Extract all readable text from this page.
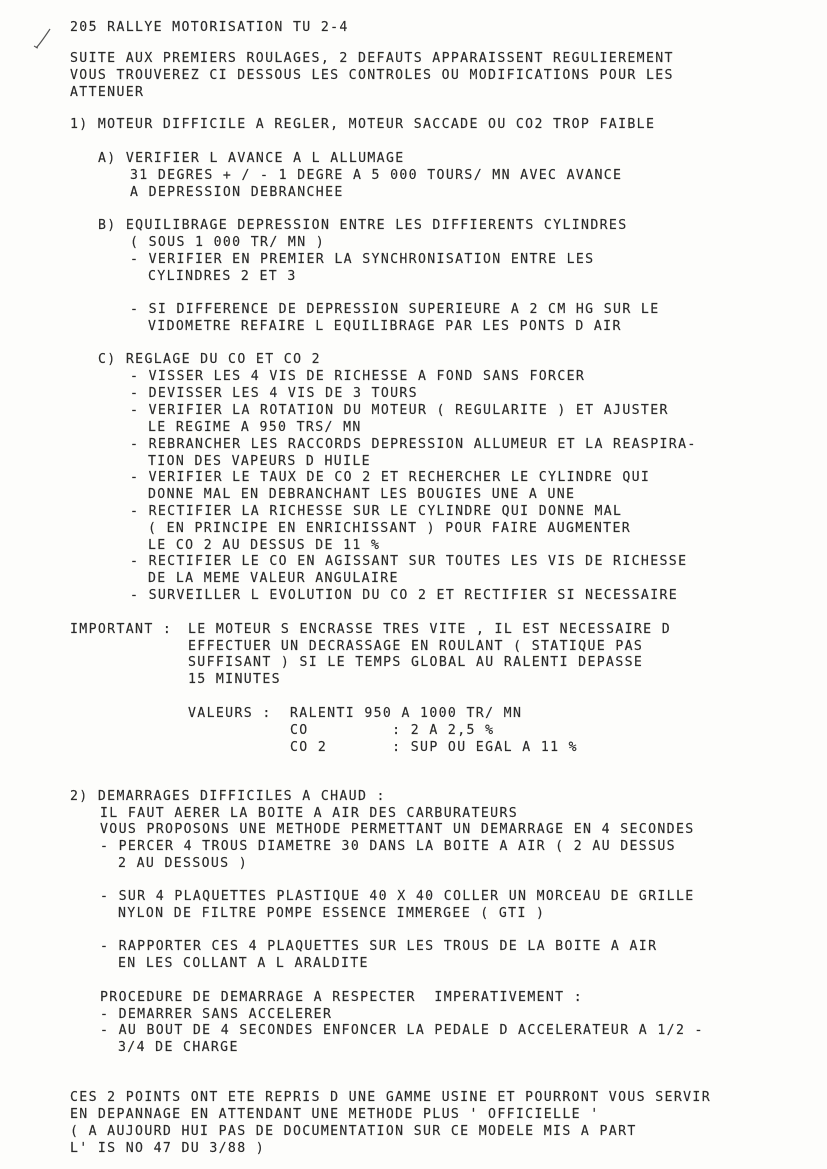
205 RALLYE MOTORISATION TU 2-4
SUITE AUX PREMIERS ROULAGES, 2 DEFAUTS APPARAISSENT REGULIEREMENT
VOUS TROUVEREZ CI DESSOUS LES CONTROLES OU MODIFICATIONS POUR LES
ATTENUER
1) MOTEUR DIFFICILE A REGLER, MOTEUR SACCADE OU CO2 TROP FAIBLE
A) VERIFIER L AVANCE A L ALLUMAGE
31 DEGRES + / - 1 DEGRE A 5 000 TOURS/ MN AVEC AVANCE
A DEPRESSION DEBRANCHEE
B) EQUILIBRAGE DEPRESSION ENTRE LES DIFFIERENTS CYLINDRES
( SOUS 1 000 TR/ MN )
- VERIFIER EN PREMIER LA SYNCHRONISATION ENTRE LES
CYLINDRES 2 ET 3
- SI DIFFERENCE DE DEPRESSION SUPERIEURE A 2 CM HG SUR LE
VIDOMETRE REFAIRE L EQUILIBRAGE PAR LES PONTS D AIR
C) REGLAGE DU CO ET CO 2
- VISSER LES 4 VIS DE RICHESSE A FOND SANS FORCER
- DEVISSER LES 4 VIS DE 3 TOURS
- VERIFIER LA ROTATION DU MOTEUR ( REGULARITE ) ET AJUSTER
LE REGIME A 950 TRS/ MN
- REBRANCHER LES RACCORDS DEPRESSION ALLUMEUR ET LA REASPIRA-
TION DES VAPEURS D HUILE
- VERIFIER LE TAUX DE CO 2 ET RECHERCHER LE CYLINDRE QUI
DONNE MAL EN DEBRANCHANT LES BOUGIES UNE A UNE
- RECTIFIER LA RICHESSE SUR LE CYLINDRE QUI DONNE MAL
( EN PRINCIPE EN ENRICHISSANT ) POUR FAIRE AUGMENTER
LE CO 2 AU DESSUS DE 11 %
- RECTIFIER LE CO EN AGISSANT SUR TOUTES LES VIS DE RICHESSE
DE LA MEME VALEUR ANGULAIRE
- SURVEILLER L EVOLUTION DU CO 2 ET RECTIFIER SI NECESSAIRE
IMPORTANT : LE MOTEUR S ENCRASSE TRES VITE , IL EST NECESSAIRE D
EFFECTUER UN DECRASSAGE EN ROULANT ( STATIQUE PAS
SUFFISANT ) SI LE TEMPS GLOBAL AU RALENTI DEPASSE
15 MINUTES
VALEURS : RALENTI 950 A 1000 TR/ MN
CO         : 2 A 2,5 %
CO 2       : SUP OU EGAL A 11 %
2) DEMARRAGES DIFFICILES A CHAUD :
IL FAUT AERER LA BOITE A AIR DES CARBURATEURS
VOUS PROPOSONS UNE METHODE PERMETTANT UN DEMARRAGE EN 4 SECONDES
- PERCER 4 TROUS DIAMETRE 30 DANS LA BOITE A AIR ( 2 AU DESSUS
2 AU DESSOUS )
- SUR 4 PLAQUETTES PLASTIQUE 40 X 40 COLLER UN MORCEAU DE GRILLE
NYLON DE FILTRE POMPE ESSENCE IMMERGEE ( GTI )
- RAPPORTER CES 4 PLAQUETTES SUR LES TROUS DE LA BOITE A AIR
EN LES COLLANT A L ARALDITE
PROCEDURE DE DEMARRAGE A RESPECTER  IMPERATIVEMENT :
- DEMARRER SANS ACCELERER
- AU BOUT DE 4 SECONDES ENFONCER LA PEDALE D ACCELERATEUR A 1/2 -
3/4 DE CHARGE
CES 2 POINTS ONT ETE REPRIS D UNE GAMME USINE ET POURRONT VOUS SERVIR
EN DEPANNAGE EN ATTENDANT UNE METHODE PLUS ' OFFICIELLE '
( A AUJOURD HUI PAS DE DOCUMENTATION SUR CE MODELE MIS A PART
L' IS NO 47 DU 3/88 )
